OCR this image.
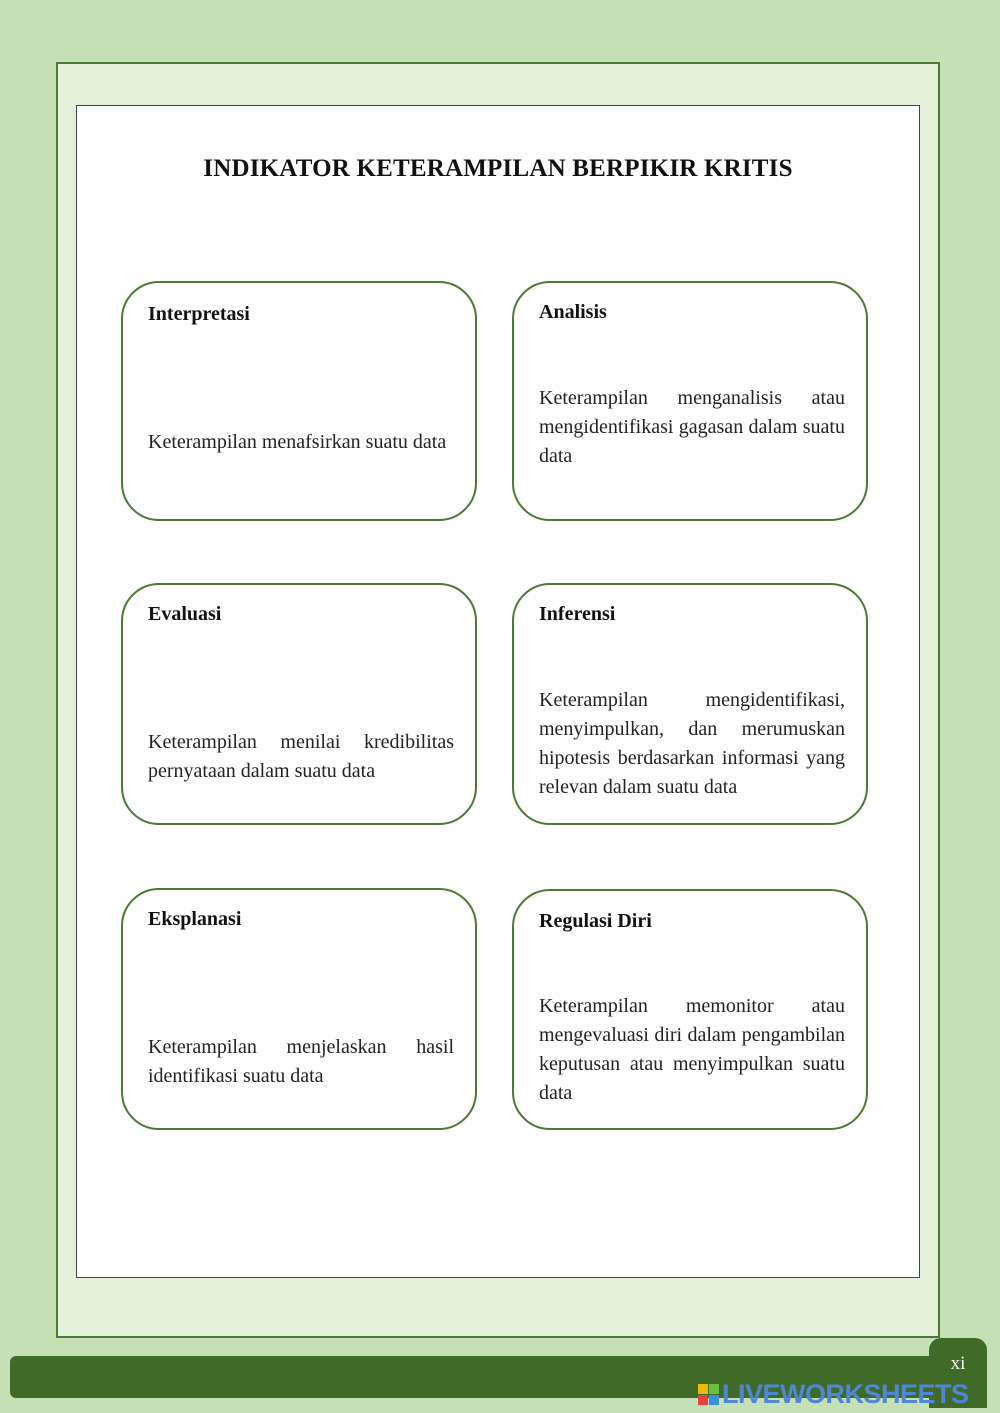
INDIKATOR KETERAMPILAN BERPIKIR KRITIS
Interpretasi

Keterampilan menafsirkan suatu data

Analisis

Keterampilan menganalisis atau mengidentifikasi gagasan dalam suatu data

Evaluasi

Keterampilan menilai kredibilitas pernyataan dalam suatu data

Inferensi

Keterampilan mengidentifikasi, menyimpulkan, dan merumuskan hipotesis berdasarkan informasi yang relevan dalam suatu data

Eksplanasi

Keterampilan menjelaskan hasil identifikasi suatu data

Regulasi Diri

Keterampilan memonitor atau mengevaluasi diri dalam pengambilan keputusan atau menyimpulkan suatu data

xi
LIVEWORKSHEETS
